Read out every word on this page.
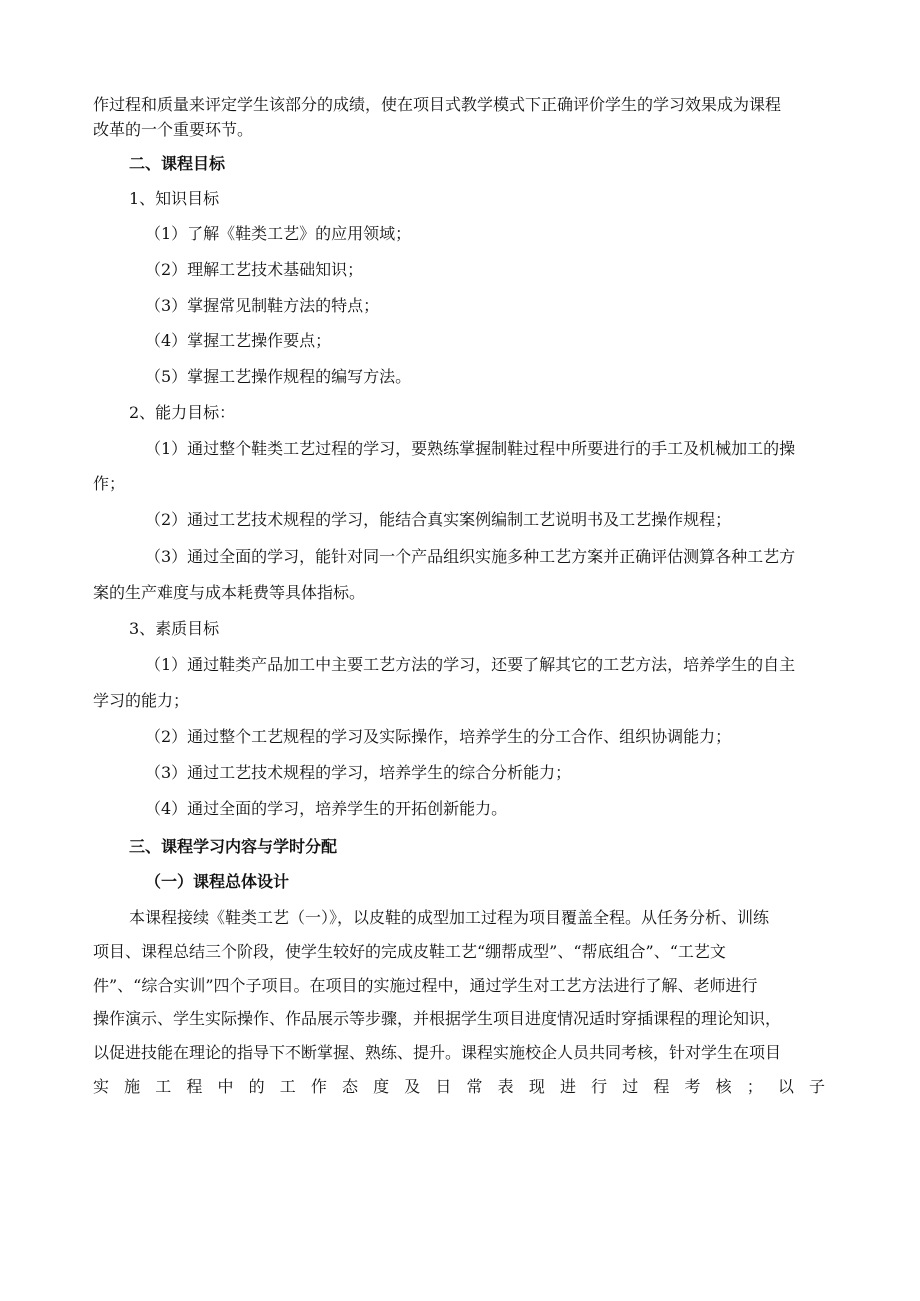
作过程和质量来评定学生该部分的成绩，使在项目式教学模式下正确评价学生的学习效果成为课程

改革的一个重要环节。

二、课程目标

1、知识目标

（1）了解《鞋类工艺》的应用领域；

（2）理解工艺技术基础知识；

（3）掌握常见制鞋方法的特点；

（4）掌握工艺操作要点；

（5）掌握工艺操作规程的编写方法。

2、能力目标：

（1）通过整个鞋类工艺过程的学习，要熟练掌握制鞋过程中所要进行的手工及机械加工的操

作；

（2）通过工艺技术规程的学习，能结合真实案例编制工艺说明书及工艺操作规程；

（3）通过全面的学习，能针对同一个产品组织实施多种工艺方案并正确评估测算各种工艺方

案的生产难度与成本耗费等具体指标。

3、素质目标

（1）通过鞋类产品加工中主要工艺方法的学习，还要了解其它的工艺方法，培养学生的自主

学习的能力；

（2）通过整个工艺规程的学习及实际操作，培养学生的分工合作、组织协调能力；

（3）通过工艺技术规程的学习，培养学生的综合分析能力；

（4）通过全面的学习，培养学生的开拓创新能力。

三、课程学习内容与学时分配

（一）课程总体设计

本课程接续《鞋类工艺（一）》，以皮鞋的成型加工过程为项目覆盖全程。从任务分析、训练

项目、课程总结三个阶段，使学生较好的完成皮鞋工艺“绷帮成型”、“帮底组合”、“工艺文

件”、“综合实训”四个子项目。在项目的实施过程中，通过学生对工艺方法进行了解、老师进行

操作演示、学生实际操作、作品展示等步骤，并根据学生项目进度情况适时穿插课程的理论知识，

以促进技能在理论的指导下不断掌握、熟练、提升。课程实施校企人员共同考核，针对学生在项目

实施工程中的工作态度及日常表现进行过程考核；以子
